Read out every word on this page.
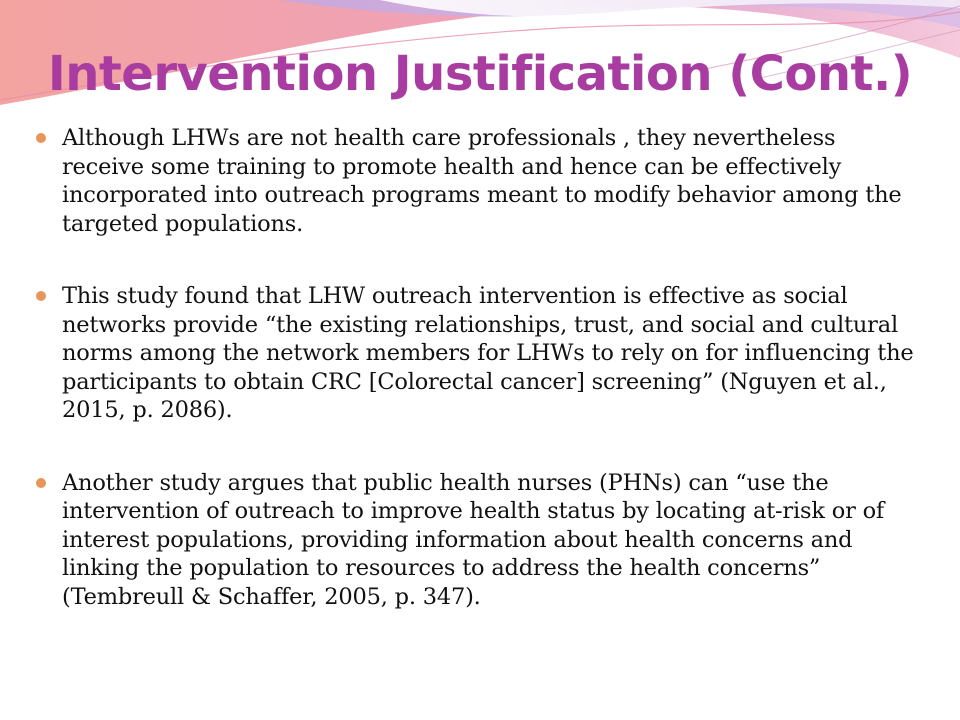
Intervention Justification (Cont.)
Although LHWs are not health care professionals , they nevertheless receive some training to promote health and hence can be effectively incorporated into outreach programs meant to modify behavior among the targeted populations.
This study found that LHW outreach intervention is effective as social networks provide “the existing relationships, trust, and social and cultural norms among the network members for LHWs to rely on for influencing the participants to obtain CRC [Colorectal cancer] screening” (Nguyen et al., 2015, p. 2086).
Another study argues that public health nurses (PHNs) can “use the intervention of outreach to improve health status by locating at-risk or of interest populations, providing information about health concerns and linking the population to resources to address the health concerns” (Tembreull & Schaffer, 2005, p. 347).
